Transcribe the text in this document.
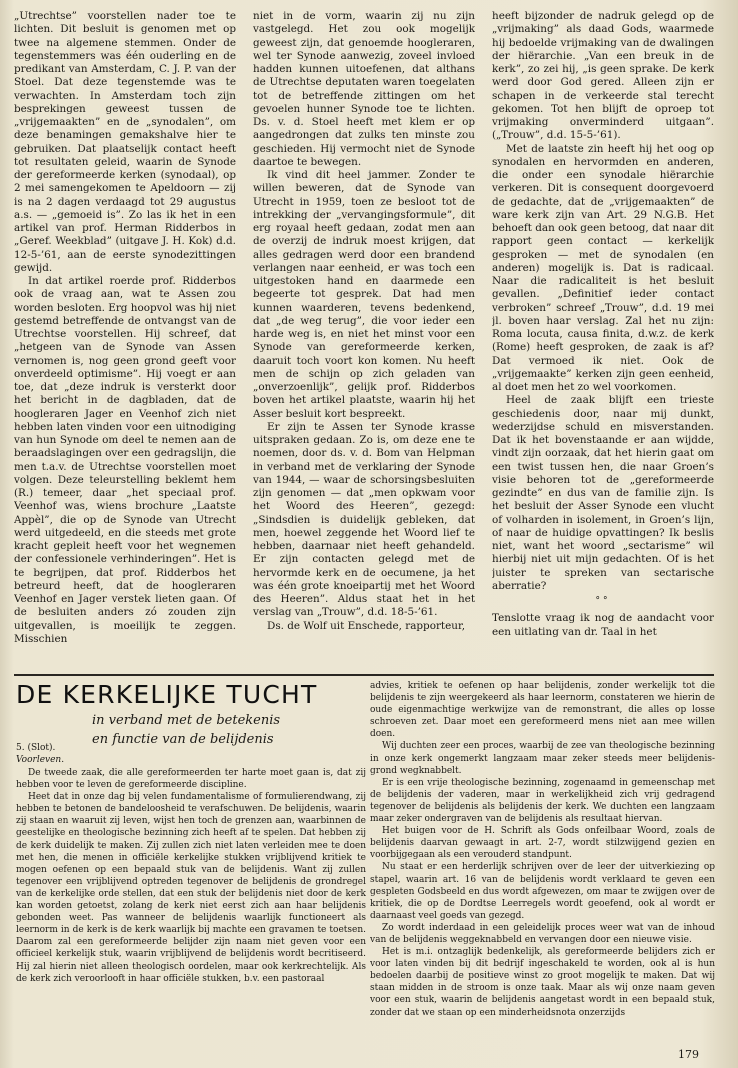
„Utrechtse” voorstellen nader toe te lichten. Dit besluit is genomen met op twee na algemene stemmen. Onder de tegenstemmers was één ouderling en de predikant van Amsterdam, C. J. P. van der Stoel. Dat deze tegenstemde was te verwachten. In Amsterdam toch zijn besprekingen geweest tussen de „vrijgemaakten” en de „synodalen”, om deze benamingen gemakshalve hier te gebruiken. Dat plaatselijk contact heeft tot resultaten geleid, waarin de Synode der gereformeerde kerken (synodaal), op 2 mei samengekomen te Apeldoorn — zij is na 2 dagen verdaagd tot 29 augustus a.s. — „gemoeid is”. Zo las ik het in een artikel van prof. Herman Ridderbos in „Geref. Weekblad” (uitgave J. H. Kok) d.d. 12-5-’61, aan de eerste synodezittingen gewijd.

In dat artikel roerde prof. Ridderbos ook de vraag aan, wat te Assen zou worden besloten. Erg hoopvol was hij niet gestemd betreffende de ontvangst van de Utrechtse voorstellen. Hij schreef, dat „hetgeen van de Synode van Assen vernomen is, nog geen grond geeft voor onverdeeld optimisme”. Hij voegt er aan toe, dat „deze indruk is versterkt door het bericht in de dagbladen, dat de hoogleraren Jager en Veenhof zich niet hebben laten vinden voor een uitnodiging van hun Synode om deel te nemen aan de beraadslagingen over een gedragslijn, die men t.a.v. de Utrechtse voorstellen moet volgen. Deze teleurstelling beklemt hem (R.) temeer, daar „het speciaal prof. Veenhof was, wiens brochure „Laatste Appèl”, die op de Synode van Utrecht werd uitgedeeld, en die steeds met grote kracht gepleit heeft voor het wegnemen der confessionele verhinderingen”. Het is te begrijpen, dat prof. Ridderbos het betreurd heeft, dat de hoogleraren Veenhof en Jager verstek lieten gaan. Of de besluiten anders zó zouden zijn uitgevallen, is moeilijk te zeggen. Misschien

niet in de vorm, waarin zij nu zijn vastgelegd. Het zou ook mogelijk geweest zijn, dat genoemde hoogleraren, wel ter Synode aanwezig, zoveel invloed hadden kunnen uitoefenen, dat althans de Utrechtse deputaten waren toegelaten tot de betreffende zittingen om het gevoelen hunner Synode toe te lichten. Ds. v. d. Stoel heeft met klem er op aangedrongen dat zulks ten minste zou geschieden. Hij vermocht niet de Synode daartoe te bewegen.

Ik vind dit heel jammer. Zonder te willen beweren, dat de Synode van Utrecht in 1959, toen ze besloot tot de intrekking der „vervangingsformule”, dit erg royaal heeft gedaan, zodat men aan de overzij de indruk moest krijgen, dat alles gedragen werd door een brandend verlangen naar eenheid, er was toch een uitgestoken hand en daarmede een begeerte tot gesprek. Dat had men kunnen waarderen, tevens bedenkend, dat „de weg terug”, die voor ieder een harde weg is, en niet het minst voor een Synode van gereformeerde kerken, daaruit toch voort kon komen. Nu heeft men de schijn op zich geladen van „onverzoenlijk”, gelijk prof. Ridderbos boven het artikel plaatste, waarin hij het Asser besluit kort bespreekt.

Er zijn te Assen ter Synode krasse uitspraken gedaan. Zo is, om deze ene te noemen, door ds. v. d. Bom van Helpman in verband met de verklaring der Synode van 1944, — waar de schorsingsbesluiten zijn genomen — dat „men opkwam voor het Woord des Heeren”, gezegd: „Sindsdien is duidelijk gebleken, dat men, hoewel zeggende het Woord lief te hebben, daarnaar niet heeft gehandeld. Er zijn contacten gelegd met de hervormde kerk en de oecumene, ja het was één grote knoeipartij met het Woord des Heeren”. Aldus staat het in het verslag van „Trouw”, d.d. 18-5-’61.

Ds. de Wolf uit Enschede, rapporteur,

heeft bijzonder de nadruk gelegd op de „vrijmaking” als daad Gods, waarmede hij bedoelde vrijmaking van de dwalingen der hiërarchie. „Van een breuk in de kerk”, zo zei hij, „is geen sprake. De kerk werd door God gered. Alleen zijn er schapen in de verkeerde stal terecht gekomen. Tot hen blijft de oproep tot vrijmaking onverminderd uitgaan”. („Trouw”, d.d. 15-5-’61).

Met de laatste zin heeft hij het oog op synodalen en hervormden en anderen, die onder een synodale hiërarchie verkeren. Dit is consequent doorgevoerd de gedachte, dat de „vrijgemaakten” de ware kerk zijn van Art. 29 N.G.B. Het behoeft dan ook geen betoog, dat naar dit rapport geen contact — kerkelijk gesproken — met de synodalen (en anderen) mogelijk is. Dat is radicaal. Naar die radicaliteit is het besluit gevallen. „Definitief ieder contact verbroken” schreef „Trouw”, d.d. 19 mei jl. boven haar verslag. Zal het nu zijn: Roma locuta, causa finita, d.w.z. de kerk (Rome) heeft gesproken, de zaak is af? Dat vermoed ik niet. Ook de „vrijgemaakte” kerken zijn geen eenheid, al doet men het zo wel voorkomen.

Heel de zaak blijft een trieste geschiedenis door, naar mij dunkt, wederzijdse schuld en misverstanden. Dat ik het bovenstaande er aan wijdde, vindt zijn oorzaak, dat het hierin gaat om een twist tussen hen, die naar Groen’s visie behoren tot de „gereformeerde gezindte” en dus van de familie zijn. Is het besluit der Asser Synode een vlucht of volharden in isolement, in Groen’s lijn, of naar de huidige opvattingen? Ik beslis niet, want het woord „sectarisme” wil hierbij niet uit mijn gedachten. Of is het juister te spreken van sectarische aberratie?

°°

Tenslotte vraag ik nog de aandacht voor een uitlating van dr. Taal in het

DE KERKELIJKE TUCHT
in verband met de betekenis
en functie van de belijdenis
5. (Slot).
Voorleven.

De tweede zaak, die alle gereformeerden ter harte moet gaan is, dat zij hebben voor te leven de gereformeerde discipline.

Heet dat in onze dag bij velen fundamentalisme of formulierendwang, zij hebben te betonen de bandeloosheid te verafschuwen. De belijdenis, waarin zij staan en waaruit zij leven, wijst hen toch de grenzen aan, waarbinnen de geestelijke en theologische bezinning zich heeft af te spelen. Dat hebben zij de kerk duidelijk te maken. Zij zullen zich niet laten verleiden mee te doen met hen, die menen in officiële kerkelijke stukken vrijblijvend kritiek te mogen oefenen op een bepaald stuk van de belijdenis. Want zij zullen tegenover een vrijblijvend optreden tegenover de belijdenis de grondregel van de kerkelijke orde stellen, dat een stuk der belijdenis niet door de kerk kan worden getoetst, zolang de kerk niet eerst zich aan haar belijdenis gebonden weet. Pas wanneer de belijdenis waarlijk functioneert als leernorm in de kerk is de kerk waarlijk bij machte een gravamen te toetsen. Daarom zal een gereformeerde belijder zijn naam niet geven voor een officieel kerkelijk stuk, waarin vrijblijvend de belijdenis wordt becritiseerd. Hij zal hierin niet alleen theologisch oordelen, maar ook kerkrechtelijk. Als de kerk zich veroorlooft in haar officiële stukken, b.v. een pastoraal

advies, kritiek te oefenen op haar belijdenis, zonder werkelijk tot die belijdenis te zijn weergekeerd als haar leernorm, constateren we hierin de oude eigenmachtige werkwijze van de remonstrant, die alles op losse schroeven zet. Daar moet een gereformeerd mens niet aan mee willen doen.

Wij duchten zeer een proces, waarbij de zee van theologische bezinning in onze kerk ongemerkt langzaam maar zeker steeds meer belijdenis-grond wegknabbelt.

Er is een vrije theologische bezinning, zogenaamd in gemeenschap met de belijdenis der vaderen, maar in werkelijkheid zich vrij gedragend tegenover de belijdenis als belijdenis der kerk. We duchten een langzaam maar zeker ondergraven van de belijdenis als resultaat hiervan.

Het buigen voor de H. Schrift als Gods onfeilbaar Woord, zoals de belijdenis daarvan gewaagt in art. 2-7, wordt stilzwijgend gezien en voorbijgegaan als een verouderd standpunt.

Nu staat er een herderlijk schrijven over de leer der uitverkiezing op stapel, waarin art. 16 van de belijdenis wordt verklaard te geven een gespleten Godsbeeld en dus wordt afgewezen, om maar te zwijgen over de kritiek, die op de Dordtse Leerregels wordt geoefend, ook al wordt er daarnaast veel goeds van gezegd.

Zo wordt inderdaad in een geleidelijk proces weer wat van de inhoud van de belijdenis weggeknabbeld en vervangen door een nieuwe visie.

Het is m.i. ontzaglijk bedenkelijk, als gereformeerde belijders zich er voor laten vinden bij dit bedrijf ingeschakeld te worden, ook al is hun bedoelen daarbij de positieve winst zo groot mogelijk te maken. Dat wij staan midden in de stroom is onze taak. Maar als wij onze naam geven voor een stuk, waarin de belijdenis aangetast wordt in een bepaald stuk, zonder dat we staan op een minderheidsnota onzerzijds

179
